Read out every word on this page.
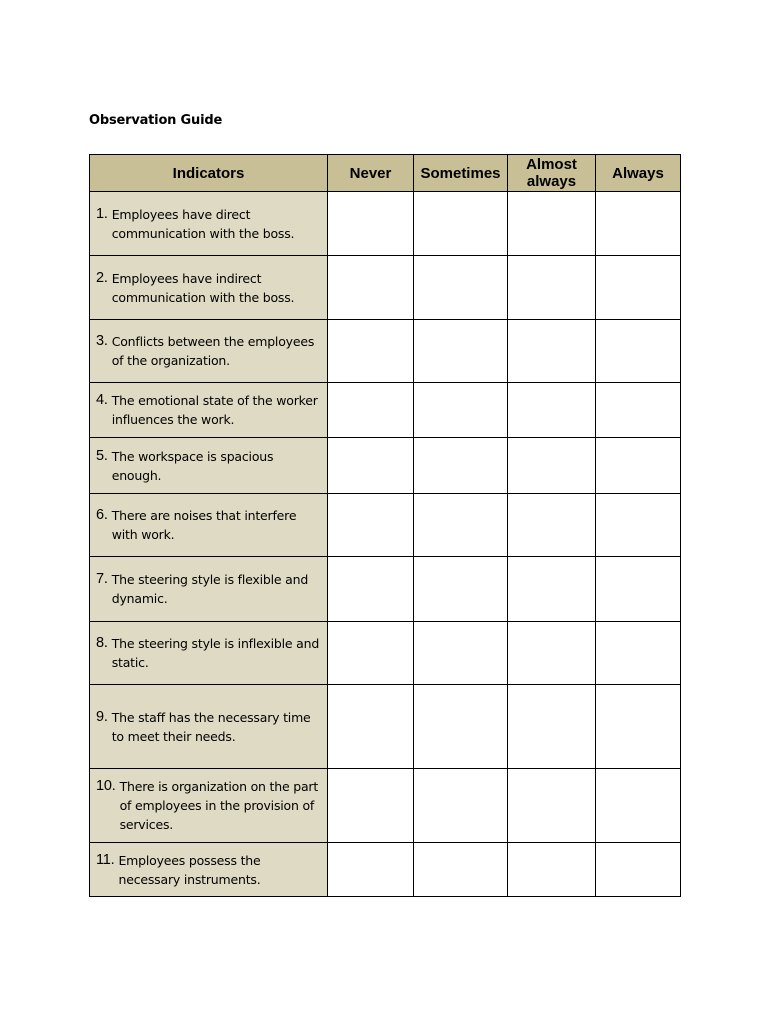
Observation Guide
Indicators	Never	Sometimes	Almost always	Always

1. Employees have direct communication with the boss.				

2. Employees have indirect communication with the boss.				

3. Conflicts between the employees of the organization.				

4. The emotional state of the worker influences the work.				

5. The workspace is spacious enough.				

6. There are noises that interfere with work.				

7. The steering style is flexible and dynamic.				

8. The steering style is inflexible and static.				

9. The staff has the necessary time to meet their needs.				

10. There is organization on the part of employees in the provision of services.				

11. Employees possess the necessary instruments.				
